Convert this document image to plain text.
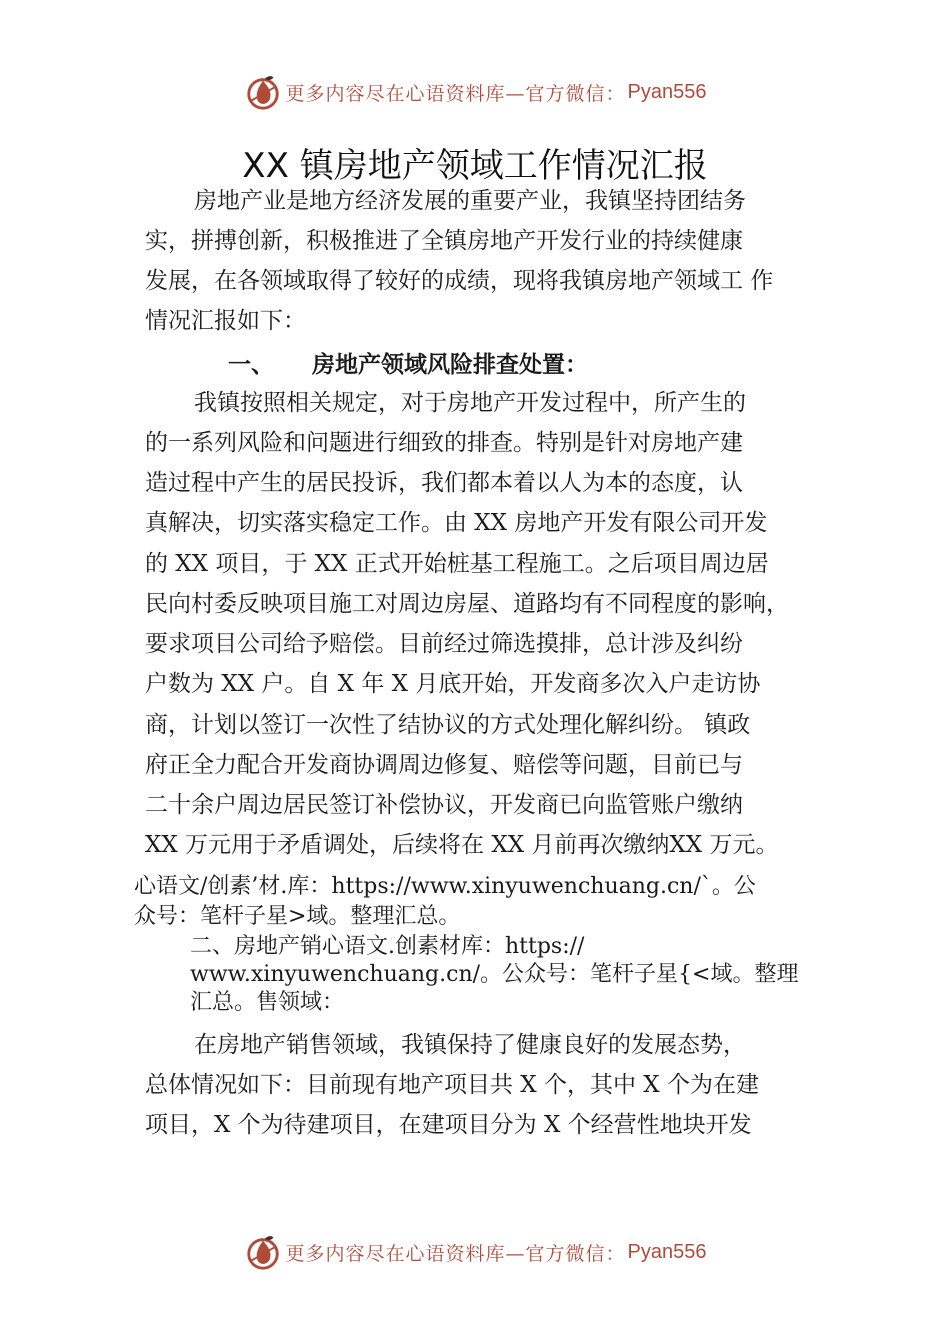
更多内容尽在心语资料库—官方微信： Pyan556
XX 镇房地产领域工作情况汇报
房地产业是地方经济发展的重要产业，我镇坚持团结务
实，拼搏创新，积极推进了全镇房地产开发行业的持续健康
发展，在各领域取得了较好的成绩，现将我镇房地产领域工 作
情况汇报如下：
一、 房地产领域风险排查处置：
我镇按照相关规定，对于房地产开发过程中，所产生的
的一系列风险和问题进行细致的排查。特别是针对房地产建
造过程中产生的居民投诉，我们都本着以人为本的态度，认
真解决，切实落实稳定工作。由 XX 房地产开发有限公司开发
的 XX 项目，于 XX 正式开始桩基工程施工。之后项目周边居
民向村委反映项目施工对周边房屋、道路均有不同程度的影响，
要求项目公司给予赔偿。目前经过筛选摸排，总计涉及纠纷
户数为 XX 户。自 X 年 X 月底开始，开发商多次入户走访协
商，计划以签订一次性了结协议的方式处理化解纠纷。 镇政
府正全力配合开发商协调周边修复、赔偿等问题，目前已与
二十余户周边居民签订补偿协议，开发商已向监管账户缴纳
XX 万元用于矛盾调处，后续将在 XX 月前再次缴纳XX 万元。
心语文/创素’材.库：https://www.xinyuwenchuang.cn/`。公
众号：笔杆子星>域。整理汇总。
二、房地产销心语文.创素材库：https://
www.xinyuwenchuang.cn/。公众号：笔杆子星{<域。整理
汇总。售领域：
在房地产销售领域，我镇保持了健康良好的发展态势，
总体情况如下：目前现有地产项目共 X 个，其中 X 个为在建
项目，X 个为待建项目，在建项目分为 X 个经营性地块开发
更多内容尽在心语资料库—官方微信： Pyan556
